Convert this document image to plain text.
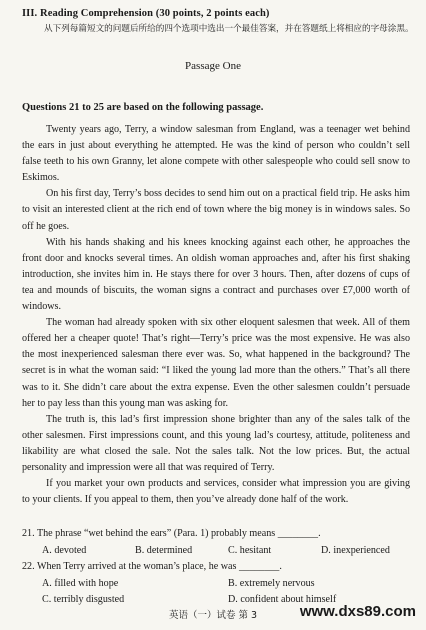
III. Reading Comprehension (30 points, 2 points each)
从下列每篇短文的问题后所给的四个选项中选出一个最佳答案，并在答题纸上将相应的字母涂黑。
Passage One
Questions 21 to 25 are based on the following passage.

Twenty years ago, Terry, a window salesman from England, was a teenager wet behind the ears in just about everything he attempted. He was the kind of person who couldn’t sell false teeth to his own Granny, let alone compete with other salespeople who could sell snow to Eskimos.

On his first day, Terry’s boss decides to send him out on a practical field trip. He asks him to visit an interested client at the rich end of town where the big money is in windows sales. So off he goes.

With his hands shaking and his knees knocking against each other, he approaches the front door and knocks several times. An oldish woman approaches and, after his first shaking introduction, she invites him in. He stays there for over 3 hours. Then, after dozens of cups of tea and mounds of biscuits, the woman signs a contract and purchases over £7,000 worth of windows.

The woman had already spoken with six other eloquent salesmen that week. All of them offered her a cheaper quote! That’s right—Terry’s price was the most expensive. He was also the most inexperienced salesman there ever was. So, what happened in the background? The secret is in what the woman said: “I liked the young lad more than the others.” That’s all there was to it. She didn’t care about the extra expense. Even the other salesmen couldn’t persuade her to pay less than this young man was asking for.

The truth is, this lad’s first impression shone brighter than any of the sales talk of the other salesmen. First impressions count, and this young lad’s courtesy, attitude, politeness and likability are what closed the sale. Not the sales talk. Not the low prices. But, the actual personality and impression were all that was required of Terry.

If you market your own products and services, consider what impression you are giving to your clients. If you appeal to them, then you’ve already done half of the work.

21. The phrase “wet behind the ears” (Para. 1) probably means ________.
A. devoted	B. determined	C. hesitant	D. inexperienced
22. When Terry arrived at the woman’s place, he was ________.
A. filled with hope	B. extremely nervous
C. terribly disgusted	D. confident about himself
英语（一）试卷 第 3	www.dxs89.com
